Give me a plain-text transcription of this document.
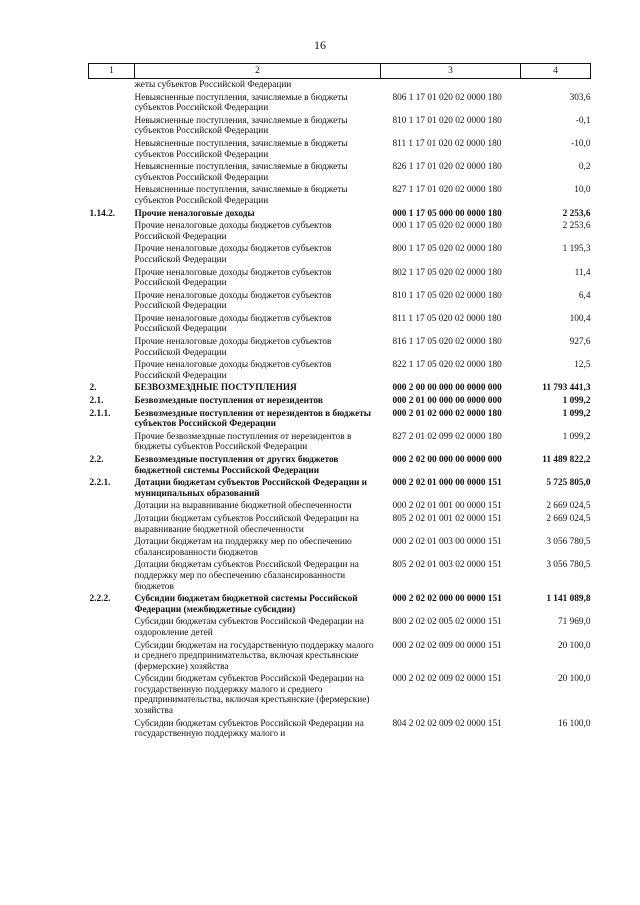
16
1	2	3	4
	жеты субъектов Российской Федерации		
	Невыясненные поступления, зачисляемые в бюджеты субъектов Российской Федерации	806 1 17 01 020 02 0000 180	303,6
	Невыясненные поступления, зачисляемые в бюджеты субъектов Российской Федерации	810 1 17 01 020 02 0000 180	-0,1
	Невыясненные поступления, зачисляемые в бюджеты субъектов Российской Федерации	811 1 17 01 020 02 0000 180	-10,0
	Невыясненные поступления, зачисляемые в бюджеты субъектов Российской Федерации	826 1 17 01 020 02 0000 180	0,2
	Невыясненные поступления, зачисляемые в бюджеты субъектов Российской Федерации	827 1 17 01 020 02 0000 180	10,0
1.14.2.	Прочие неналоговые доходы	000 1 17 05 000 00 0000 180	2 253,6
	Прочие неналоговые доходы бюджетов субъектов Российской Федерации	000 1 17 05 020 02 0000 180	2 253,6
	Прочие неналоговые доходы бюджетов субъектов Российской Федерации	800 1 17 05 020 02 0000 180	1 195,3
	Прочие неналоговые доходы бюджетов субъектов Российской Федерации	802 1 17 05 020 02 0000 180	11,4
	Прочие неналоговые доходы бюджетов субъектов Российской Федерации	810 1 17 05 020 02 0000 180	6,4
	Прочие неналоговые доходы бюджетов субъектов Российской Федерации	811 1 17 05 020 02 0000 180	100,4
	Прочие неналоговые доходы бюджетов субъектов Российской Федерации	816 1 17 05 020 02 0000 180	927,6
	Прочие неналоговые доходы бюджетов субъектов Российской Федерации	822 1 17 05 020 02 0000 180	12,5
2.	БЕЗВОЗМЕЗДНЫЕ ПОСТУПЛЕНИЯ	000 2 00 00 000 00 0000 000	11 793 441,3
2.1.	Безвозмездные поступления от нерезидентов	000 2 01 00 000 00 0000 000	1 099,2
2.1.1.	Безвозмездные поступления от нерезидентов в бюджеты субъектов Российской Федерации	000 2 01 02 000 02 0000 180	1 099,2
	Прочие безвозмездные поступления от нерезидентов в бюджеты субъектов Российской Федерации	827 2 01 02 099 02 0000 180	1 099,2
2.2.	Безвозмездные поступления от других бюджетов бюджетной системы Российской Федерации	000 2 02 00 000 00 0000 000	11 489 822,2
2.2.1.	Дотации бюджетам субъектов Российской Федерации и муниципальных образований	000 2 02 01 000 00 0000 151	5 725 805,0
	Дотации на выравнивание бюджетной обеспеченности	000 2 02 01 001 00 0000 151	2 669 024,5
	Дотации бюджетам субъектов Российской Федерации на выравнивание бюджетной обеспеченности	805 2 02 01 001 02 0000 151	2 669 024,5
	Дотации бюджетам на поддержку мер по обеспечению сбалансированности бюджетов	000 2 02 01 003 00 0000 151	3 056 780,5
	Дотации бюджетам субъектов Российской Федерации на поддержку мер по обеспечению сбалансированности бюджетов	805 2 02 01 003 02 0000 151	3 056 780,5
2.2.2.	Субсидии бюджетам бюджетной системы Российской Федерации (межбюджетные субсидии)	000 2 02 02 000 00 0000 151	1 141 089,8
	Субсидии бюджетам субъектов Российской Федерации на оздоровление детей	800 2 02 02 005 02 0000 151	71 969,0
	Субсидии бюджетам на государственную поддержку малого и среднего предпринимательства, включая крестьянские (фермерские) хозяйства	000 2 02 02 009 00 0000 151	20 100,0
	Субсидии бюджетам субъектов Российской Федерации на государственную поддержку малого и среднего предпринимательства, включая крестьянские (фермерские) хозяйства	000 2 02 02 009 02 0000 151	20 100,0
	Субсидии бюджетам субъектов Российской Федерации на государственную поддержку малого и	804 2 02 02 009 02 0000 151	16 100,0
